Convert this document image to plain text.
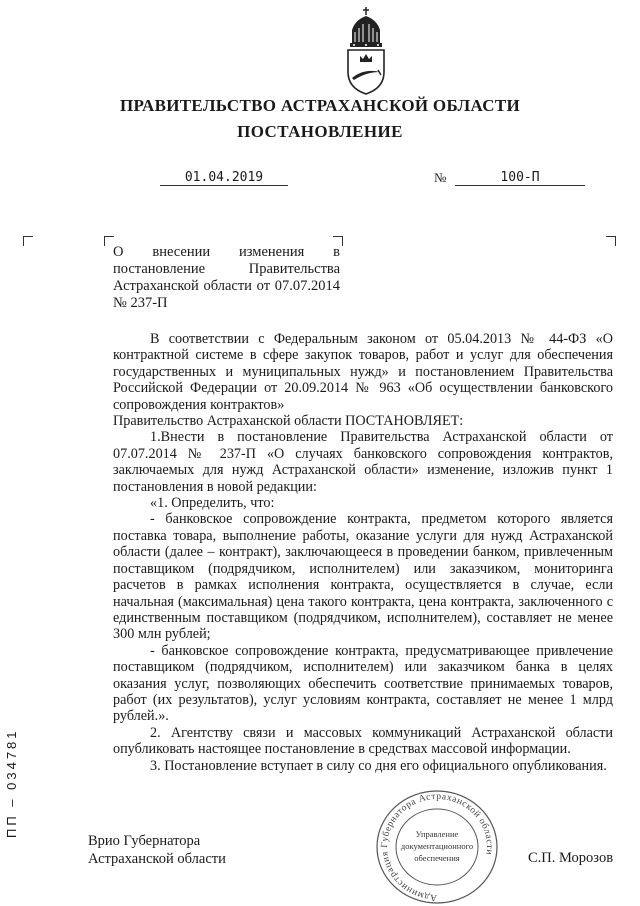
ПРАВИТЕЛЬСТВО АСТРАХАНСКОЙ ОБЛАСТИ
ПОСТАНОВЛЕНИЕ
01.04.2019	№	100-П
О внесении изменения в постановление Правительства Астраханской области от 07.07.2014 № 237-П

В соответствии с Федеральным законом от 05.04.2013 № 44-ФЗ «О контрактной системе в сфере закупок товаров, работ и услуг для обеспечения государственных и муниципальных нужд» и постановлением Правительства Российской Федерации от 20.09.2014 № 963 «Об осуществлении банковского сопровождения контрактов»

Правительство Астраханской области ПОСТАНОВЛЯЕТ:

1.Внести в постановление Правительства Астраханской области от 07.07.2014 № 237-П «О случаях банковского сопровождения контрактов, заключаемых для нужд Астраханской области» изменение, изложив пункт 1 постановления в новой редакции:

«1. Определить, что:

- банковское сопровождение контракта, предметом которого является поставка товара, выполнение работы, оказание услуги для нужд Астраханской области (далее – контракт), заключающееся в проведении банком, привлеченным поставщиком (подрядчиком, исполнителем) или заказчиком, мониторинга расчетов в рамках исполнения контракта, осуществляется в случае, если начальная (максимальная) цена такого контракта, цена контракта, заключенного с единственным поставщиком (подрядчиком, исполнителем), составляет не менее 300 млн рублей;

- банковское сопровождение контракта, предусматривающее привлечение поставщиком (подрядчиком, исполнителем) или заказчиком банка в целях оказания услуг, позволяющих обеспечить соответствие принимаемых товаров, работ (их результатов), услуг условиям контракта, составляет не менее 1 млрд рублей.».

2. Агентству связи и массовых коммуникаций Астраханской области опубликовать настоящее постановление в средствах массовой информации.

3. Постановление вступает в силу со дня его официального опубликования.

Врио Губернатора
Астраханской области	С.П. Морозов
Администрация Губернатора Астраханской области
Управление
документационного
обеспечения
ПП – 034781
